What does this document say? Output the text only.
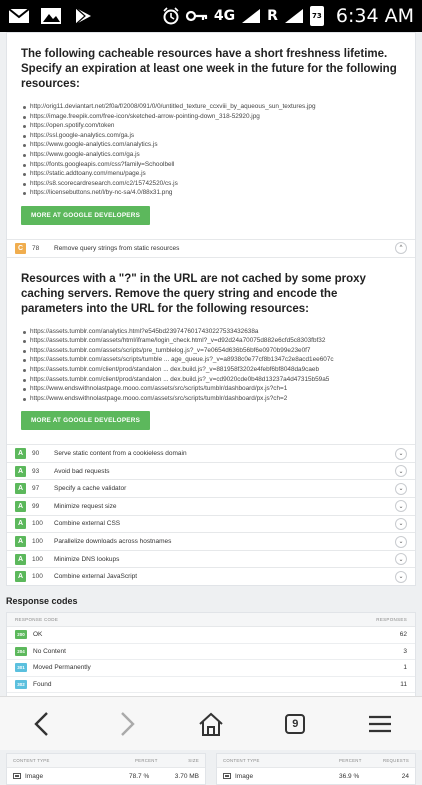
4G R	73 6:34 AM
The following cacheable resources have a short freshness lifetime. Specify an expiration at least one week in the future for the following resources:
http://orig11.deviantart.net/2f0a/f/2008/091/0/0/untitled_texture_ccxviii_by_aqueous_sun_textures.jpg
https://image.freepik.com/free-icon/sketched-arrow-pointing-down_318-52920.jpg
https://open.spotify.com/token
https://ssl.google-analytics.com/ga.js
https://www.google-analytics.com/analytics.js
https://www.google-analytics.com/ga.js
https://fonts.googleapis.com/css?family=Schoolbell
https://static.addtoany.com/menu/page.js
https://s8.scorecardresearch.com/c2/15742520/cs.js
https://licensebuttons.net/l/by-nc-sa/4.0/88x31.png
MORE AT GOOGLE DEVELOPERS
C	78	Remove query strings from static resources	^
Resources with a "?" in the URL are not cached by some proxy caching servers. Remove the query string and encode the parameters into the URL for the following resources:
https://assets.tumblr.com/analytics.html?e545bd23974760174302275334326​38a
https://assets.tumblr.com/assets/html/iframe/login_check.html?_v=d92d24a70075d882e6cfd5c8303fbf32
https://assets.tumblr.com/assets/scripts/pre_tumblelog.js?_v=7e0654d636b56bf6e0970b99e23e0f7
https://assets.tumblr.com/assets/scripts/tumble ... age_queue.js?_v=a8938c0e77cf8b1347c2e8acd1ee607c
https://assets.tumblr.com/client/prod/standalon ... dex.build.js?_v=881958f3202e4febf6bf8048da9caeb
https://assets.tumblr.com/client/prod/standalon ... dex.build.js?_v=cd9020cde0b48d13237a4d47315b59a5
https://www.endswithnolastpage.mooo.com/assets/src/scripts/tumblr/dashboard/px.js?ch=1
https://www.endswithnolastpage.mooo.com/assets/src/scripts/tumblr/dashboard/px.js?ch=2
MORE AT GOOGLE DEVELOPERS
A	90	Serve static content from a cookieless domain	⌄
A	93	Avoid bad requests	⌄
A	97	Specify a cache validator	⌄
A	99	Minimize request size	⌄
A	100	Combine external CSS	⌄
A	100	Parallelize downloads across hostnames	⌄
A	100	Minimize DNS lookups	⌄
A	100	Combine external JavaScript	⌄
Response codes
RESPONSE CODE	RESPONSES
200	OK	62
204	No Content	3
301	Moved Permanently	1
302	Found	11
CONTENT TYPE	PERCENT	SIZE
Image	78.7 %	3.70 MB
CONTENT TYPE	PERCENT	REQUESTS
Image	36.9 %	24
9
